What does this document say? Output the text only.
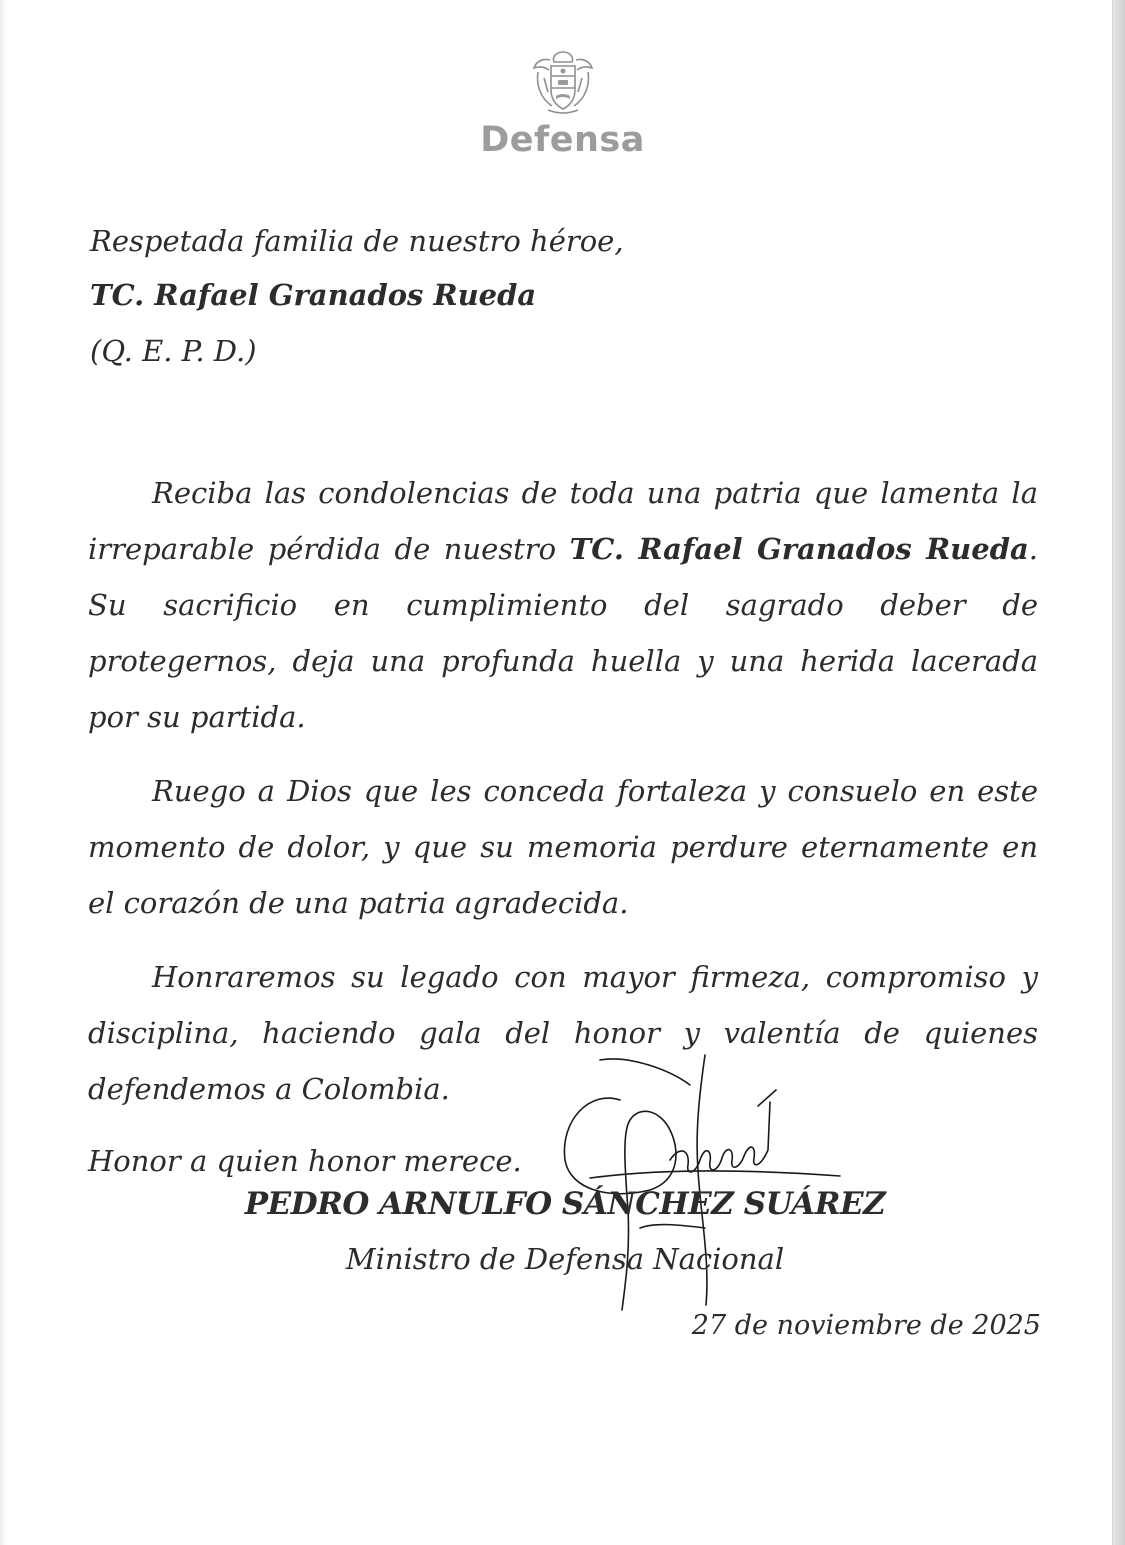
Defensa
Respetada familia de nuestro héroe,
TC. Rafael Granados Rueda
(Q. E. P. D.)

Reciba las condolencias de toda una patria que lamenta la irreparable pérdida de nuestro TC. Rafael Granados Rueda. Su sacrificio en cumplimiento del sagrado deber de protegernos, deja una profunda huella y una herida lacerada por su partida.

Ruego a Dios que les conceda fortaleza y consuelo en este momento de dolor, y que su memoria perdure eternamente en el corazón de una patria agradecida.

Honraremos su legado con mayor firmeza, compromiso y disciplina, haciendo gala del honor y valentía de quienes defendemos a Colombia.

Honor a quien honor merece.

PEDRO ARNULFO SÁNCHEZ SUÁREZ
Ministro de Defensa Nacional
27 de noviembre de 2025
